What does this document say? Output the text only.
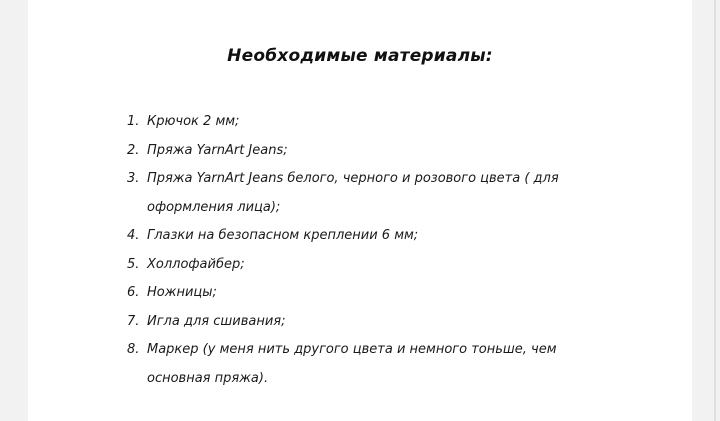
Необходимые материалы:
1. Крючок 2 мм;
2. Пряжа YarnArt Jeans;
3. Пряжа YarnArt Jeans белого, черного и розового цвета ( для оформления лица);
4. Глазки на безопасном креплении 6 мм;
5. Холлофайбер;
6. Ножницы;
7. Игла для сшивания;
8. Маркер (у меня нить другого цвета и немного тоньше, чем основная пряжа).
